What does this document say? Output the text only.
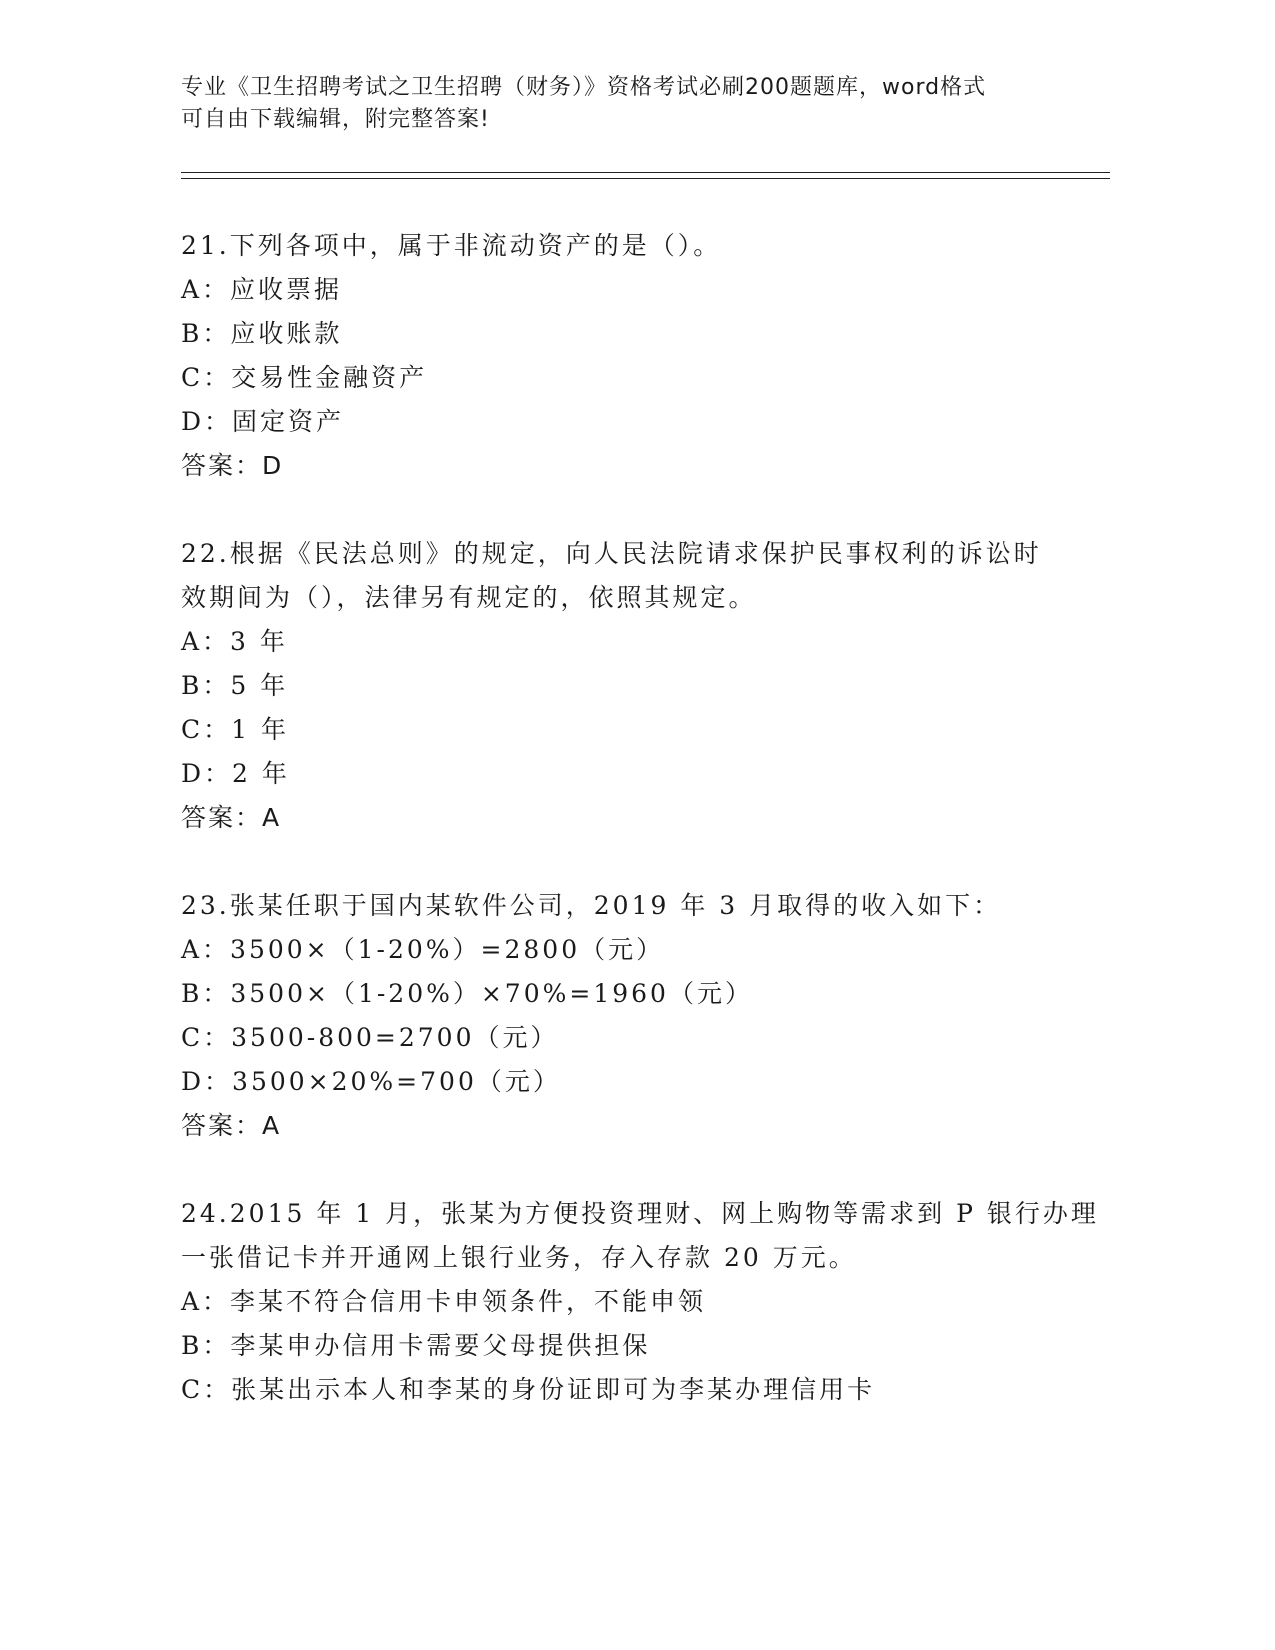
专业《卫生招聘考试之卫生招聘（财务）》资格考试必刷200题题库，word格式
可自由下载编辑，附完整答案!
21.下列各项中，属于非流动资产的是（）。
A：应收票据
B：应收账款
C：交易性金融资产
D：固定资产
答案：D
22.根据《民法总则》的规定，向人民法院请求保护民事权利的诉讼时
效期间为（），法律另有规定的，依照其规定。
A：3 年
B：5 年
C：1 年
D：2 年
答案：A
23.张某任职于国内某软件公司，2019 年 3 月取得的收入如下：
A：3500×（1-20%）=2800（元）
B：3500×（1-20%）×70%=1960（元）
C：3500-800=2700（元）
D：3500×20%=700（元）
答案：A
24.2015 年 1 月，张某为方便投资理财、网上购物等需求到 P 银行办理
一张借记卡并开通网上银行业务，存入存款 20 万元。
A：李某不符合信用卡申领条件，不能申领
B：李某申办信用卡需要父母提供担保
C：张某出示本人和李某的身份证即可为李某办理信用卡
